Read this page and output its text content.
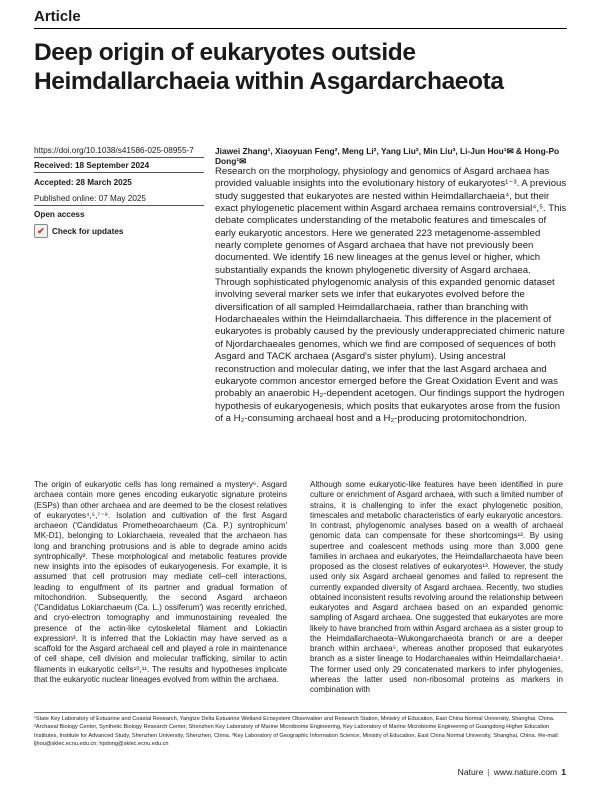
Article
Deep origin of eukaryotes outside Heimdallarchaeia within Asgardarchaeota
https://doi.org/10.1038/s41586-025-08955-7
Received: 18 September 2024
Accepted: 28 March 2025
Published online: 07 May 2025
Open access
✔ Check for updates
Jiawei Zhang¹, Xiaoyuan Feng², Meng Li², Yang Liu², Min Liu³, Li-Jun Hou¹✉ & Hong-Po Dong¹✉

Research on the morphology, physiology and genomics of Asgard archaea has provided valuable insights into the evolutionary history of eukaryotes¹⁻³. A previous study suggested that eukaryotes are nested within Heimdallarchaeia⁴, but their exact phylogenetic placement within Asgard archaea remains controversial⁴,⁵. This debate complicates understanding of the metabolic features and timescales of early eukaryotic ancestors. Here we generated 223 metagenome-assembled nearly complete genomes of Asgard archaea that have not previously been documented. We identify 16 new lineages at the genus level or higher, which substantially expands the known phylogenetic diversity of Asgard archaea. Through sophisticated phylogenomic analysis of this expanded genomic dataset involving several marker sets we infer that eukaryotes evolved before the diversification of all sampled Heimdallarchaeia, rather than branching with Hodarchaeales within the Heimdallarchaeia. This difference in the placement of eukaryotes is probably caused by the previously underappreciated chimeric nature of Njordarchaeales genomes, which we find are composed of sequences of both Asgard and TACK archaea (Asgard's sister phylum). Using ancestral reconstruction and molecular dating, we infer that the last Asgard archaea and eukaryote common ancestor emerged before the Great Oxidation Event and was probably an anaerobic H₂-dependent acetogen. Our findings support the hydrogen hypothesis of eukaryogenesis, which posits that eukaryotes arose from the fusion of a H₂-consuming archaeal host and a H₂-producing protomitochondrion.

The origin of eukaryotic cells has long remained a mystery⁶. Asgard archaea contain more genes encoding eukaryotic signature proteins (ESPs) than other archaea and are deemed to be the closest relatives of eukaryotes⁴,⁵,⁷⁻⁹. Isolation and cultivation of the first Asgard archaeon ('Candidatus Prometheoarchaeum (Ca. P.) syntrophicum' MK-D1), belonging to Lokiarchaeia, revealed that the archaeon has long and branching protrusions and is able to degrade amino acids syntrophically². These morphological and metabolic features provide new insights into the episodes of eukaryogenesis. For example, it is assumed that cell protrusion may mediate cell–cell interactions, leading to engulfment of its partner and gradual formation of mitochondrion. Subsequently, the second Asgard archaeon ('Candidatus Lokiarchaeum (Ca. L.) ossiferum') was recently enriched, and cryo-electron tomography and immunostaining revealed the presence of the actin-like cytoskeletal filament and Lokiactin expression³. It is inferred that the Lokiactin may have served as a scaffold for the Asgard archaeal cell and played a role in maintenance of cell shape, cell division and molecular trafficking, similar to actin filaments in eukaryotic cells¹⁰,¹¹. The results and hypotheses implicate that the eukaryotic nuclear lineages evolved from within the archaea.

Although some eukaryotic-like features have been identified in pure culture or enrichment of Asgard archaea, with such a limited number of strains, it is challenging to infer the exact phylogenetic position, timescales and metabolic characteristics of early eukaryotic ancestors. In contrast, phylogenomic analyses based on a wealth of archaeal genomic data can compensate for these shortcomings¹². By using supertree and coalescent methods using more than 3,000 gene families in archaea and eukaryotes, the Heimdallarchaeota have been proposed as the closest relatives of eukaryotes¹³. However, the study used only six Asgard archaeal genomes and failed to represent the currently expanded diversity of Asgard archaea. Recently, two studies obtained inconsistent results revolving around the relationship between eukaryotes and Asgard archaea based on an expanded genomic sampling of Asgard archaea. One suggested that eukaryotes are more likely to have branched from within Asgard archaea as a sister group to the Heimdallarchaeota–Wukongarchaeota branch or are a deeper branch within archaea⁵, whereas another proposed that eukaryotes branch as a sister lineage to Hodarchaeales within Heimdallarchaeia⁴. The former used only 29 concatenated markers to infer phylogenies, whereas the latter used non-ribosomal proteins as markers in combination with

¹State Key Laboratory of Estuarine and Coastal Research, Yangtze Delta Estuarine Wetland Ecosystem Observation and Research Station, Ministry of Education, East China Normal University, Shanghai, China. ²Archaeal Biology Center, Synthetic Biology Research Center, Shenzhen Key Laboratory of Marine Microbiome Engineering, Key Laboratory of Marine Microbiome Engineering of Guangdong Higher Education Institutes, Institute for Advanced Study, Shenzhen University, Shenzhen, China. ³Key Laboratory of Geographic Information Science, Ministry of Education, East China Normal University, Shanghai, China. ✉e-mail: ljhou@sklec.ecnu.edu.cn; hpdong@sklec.ecnu.edu.cn

Nature | www.nature.com 1
